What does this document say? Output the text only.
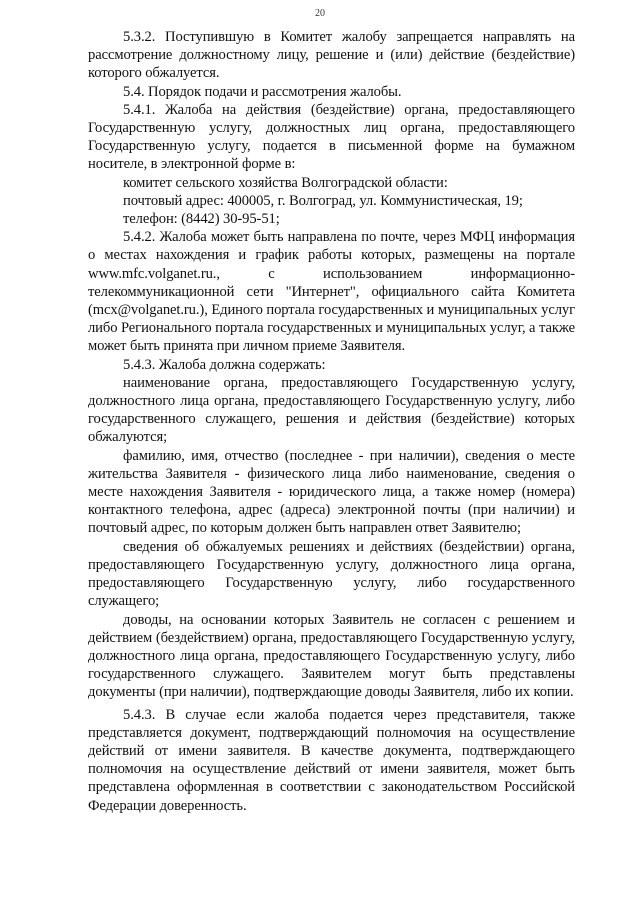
20

5.3.2. Поступившую в Комитет жалобу запрещается направлять на рассмотрение должностному лицу, решение и (или) действие (бездействие) которого обжалуется.

5.4. Порядок подачи и рассмотрения жалобы.

5.4.1. Жалоба на действия (бездействие) органа, предоставляющего Государственную услугу, должностных лиц органа, предоставляющего Государственную услугу, подается в письменной форме на бумажном носителе, в электронной форме в:

комитет сельского хозяйства Волгоградской области:

почтовый адрес: 400005, г. Волгоград, ул. Коммунистическая, 19;

телефон: (8442) 30-95-51;

5.4.2. Жалоба может быть направлена по почте, через МФЦ информация о местах нахождения и график работы которых, размещены на портале www.mfc.volganet.ru., с использованием информационно-телекоммуникационной сети "Интернет", официального сайта Комитета (mcx@volganet.ru.), Единого портала государственных и муниципальных услуг либо Регионального портала государственных и муниципальных услуг, а также может быть принята при личном приеме Заявителя.

5.4.3. Жалоба должна содержать:

наименование органа, предоставляющего Государственную услугу, должностного лица органа, предоставляющего Государственную услугу, либо государственного служащего, решения и действия (бездействие) которых обжалуются;

фамилию, имя, отчество (последнее - при наличии), сведения о месте жительства Заявителя - физического лица либо наименование, сведения о месте нахождения Заявителя - юридического лица, а также номер (номера) контактного телефона, адрес (адреса) электронной почты (при наличии) и почтовый адрес, по которым должен быть направлен ответ Заявителю;

сведения об обжалуемых решениях и действиях (бездействии) органа, предоставляющего Государственную услугу, должностного лица органа, предоставляющего Государственную услугу, либо государственного служащего;

доводы, на основании которых Заявитель не согласен с решением и действием (бездействием) органа, предоставляющего Государственную услугу, должностного лица органа, предоставляющего Государственную услугу, либо государственного служащего. Заявителем могут быть представлены документы (при наличии), подтверждающие доводы Заявителя, либо их копии.

5.4.3. В случае если жалоба подается через представителя, также представляется документ, подтверждающий полномочия на осуществление действий от имени заявителя. В качестве документа, подтверждающего полномочия на осуществление действий от имени заявителя, может быть представлена оформленная в соответствии с законодательством Российской Федерации доверенность.
